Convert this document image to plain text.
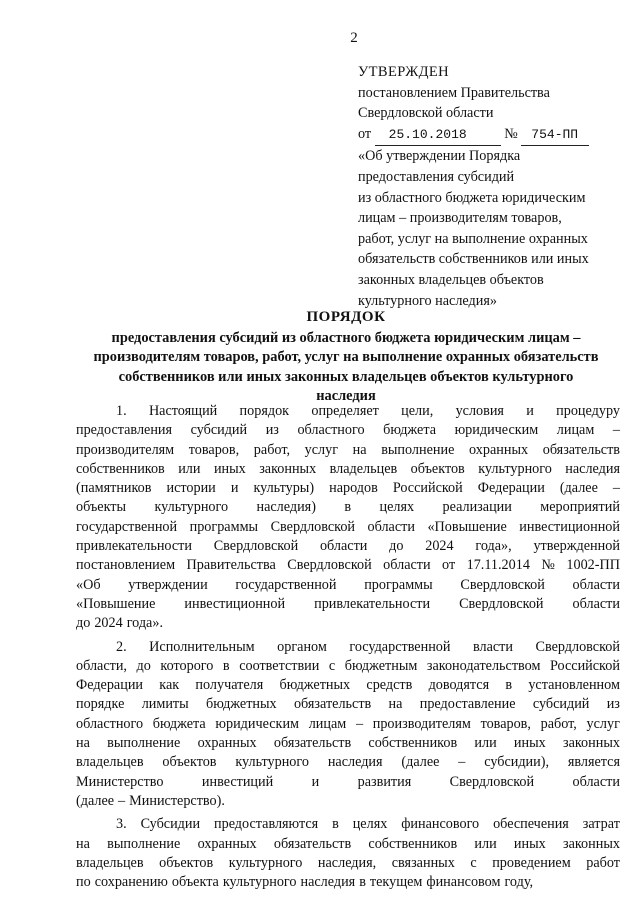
2
УТВЕРЖДЕН
постановлением Правительства
Свердловской области
от 25.10.2018	№ 754-ПП
«Об утверждении Порядка
предоставления субсидий
из областного бюджета юридическим
лицам – производителям товаров,
работ, услуг на выполнение охранных
обязательств собственников или иных
законных владельцев объектов
культурного наследия»
ПОРЯДОК
предоставления субсидий из областного бюджета юридическим лицам –
производителям товаров, работ, услуг на выполнение охранных обязательств
собственников или иных законных владельцев объектов культурного
наследия
1. Настоящий порядок определяет цели, условия и процедуру
предоставления субсидий из областного бюджета юридическим лицам –
производителям товаров, работ, услуг на выполнение охранных обязательств
собственников или иных законных владельцев объектов культурного наследия
(памятников истории и культуры) народов Российской Федерации (далее –
объекты культурного наследия) в целях реализации мероприятий
государственной программы Свердловской области «Повышение инвестиционной
привлекательности Свердловской области до 2024 года», утвержденной
постановлением Правительства Свердловской области от 17.11.2014 № 1002-ПП
«Об утверждении государственной программы Свердловской области
«Повышение инвестиционной привлекательности Свердловской области
до 2024 года».
2. Исполнительным органом государственной власти Свердловской
области, до которого в соответствии с бюджетным законодательством Российской
Федерации как получателя бюджетных средств доводятся в установленном
порядке лимиты бюджетных обязательств на предоставление субсидий из
областного бюджета юридическим лицам – производителям товаров, работ, услуг
на выполнение охранных обязательств собственников или иных законных
владельцев объектов культурного наследия (далее – субсидии), является
Министерство	инвестиций	и	развития	Свердловской	области
(далее – Министерство).
3. Субсидии предоставляются в целях финансового обеспечения затрат
на выполнение охранных обязательств собственников или иных законных
владельцев объектов культурного наследия, связанных с проведением работ
по сохранению объекта культурного наследия в текущем финансовом году,
